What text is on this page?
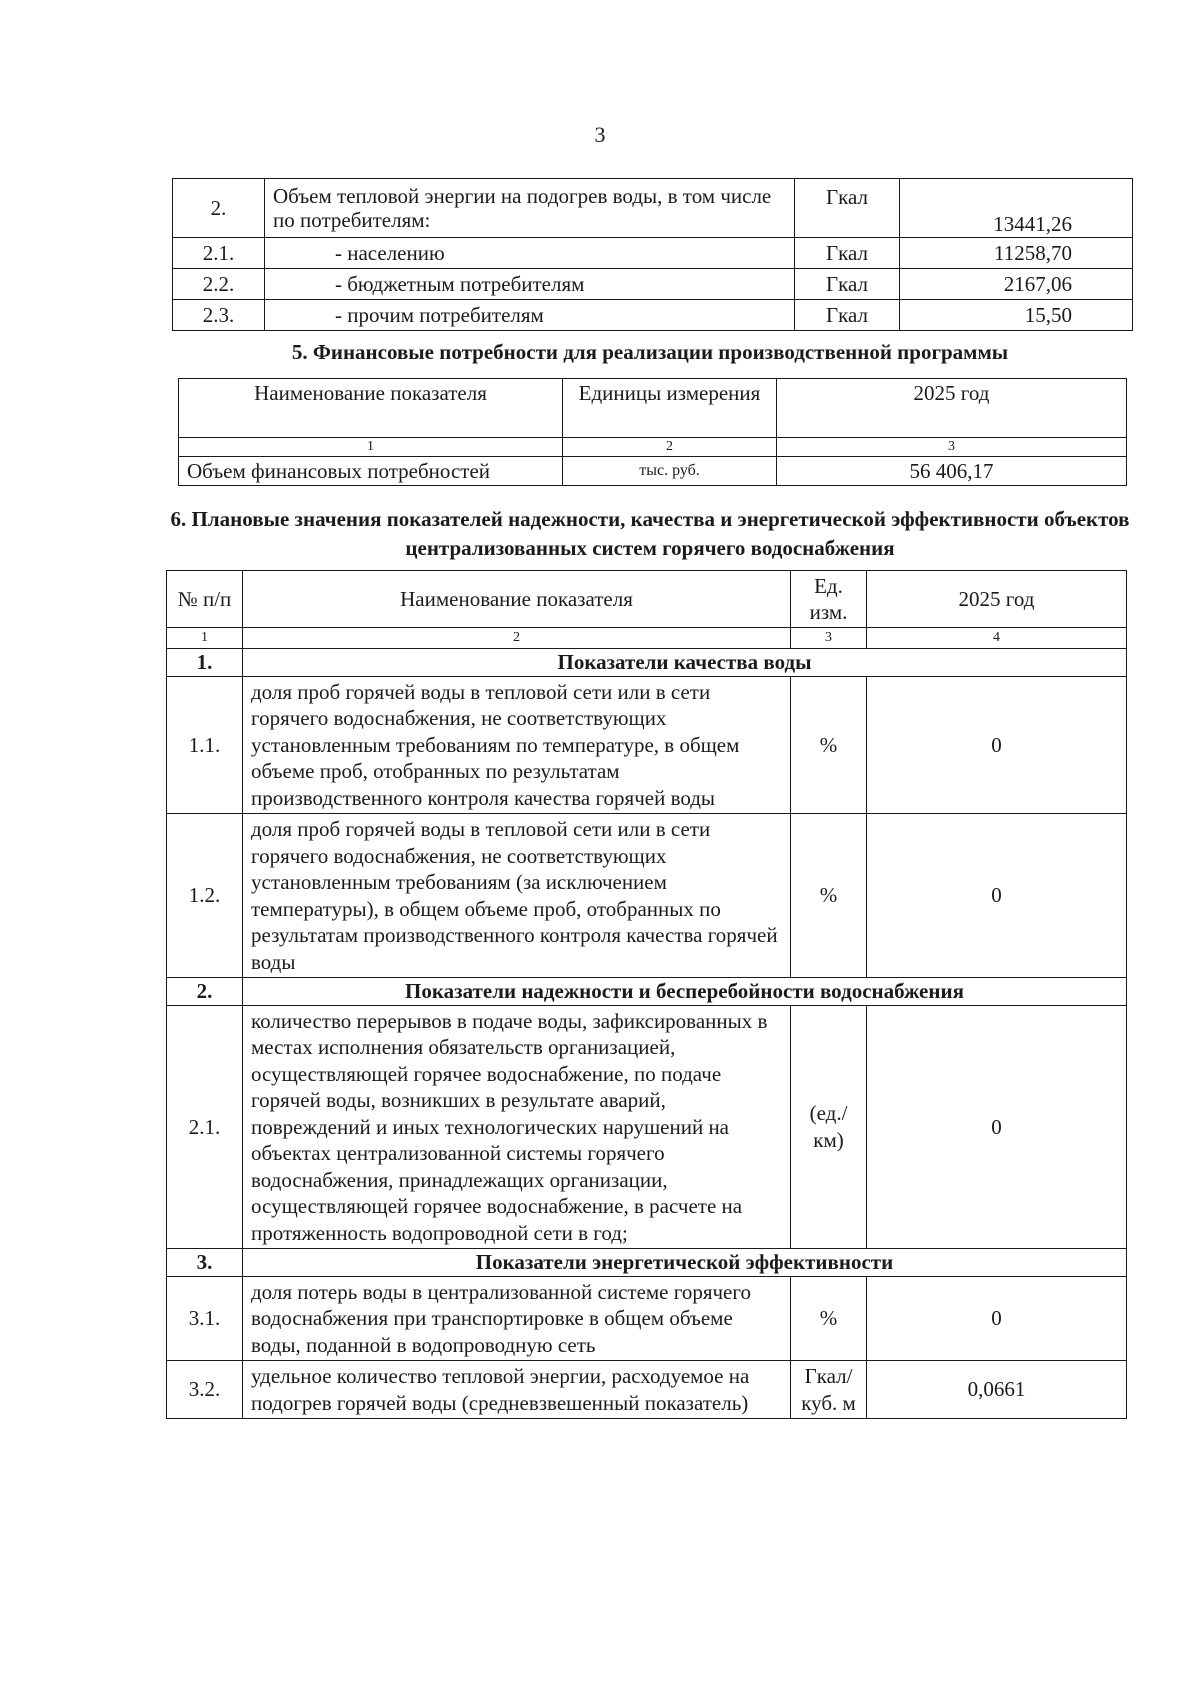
3
2.	Объем тепловой энергии на подогрев воды, в том числе по потребителям:	Гкал	13441,26
2.1.	- населению	Гкал	11258,70
2.2.	- бюджетным потребителям	Гкал	2167,06
2.3.	- прочим потребителям	Гкал	15,50
5. Финансовые потребности для реализации производственной программы
Наименование показателя	Единицы измерения	2025 год
1	2	3
Объем финансовых потребностей	тыс. руб.	56 406,17
6. Плановые значения показателей надежности, качества и энергетической эффективности объектов централизованных систем горячего водоснабжения
№ п/п	Наименование показателя	Ед. изм.	2025 год
1	2	3	4
1.	Показатели качества воды		
1.1.	доля проб горячей воды в тепловой сети или в сети горячего водоснабжения, не соответствующих установленным требованиям по температуре, в общем объеме проб, отобранных по результатам производственного контроля качества горячей воды	%	0
1.2.	доля проб горячей воды в тепловой сети или в сети горячего водоснабжения, не соответствующих установленным требованиям (за исключением температуры), в общем объеме проб, отобранных по результатам производственного контроля качества горячей воды	%	0
2.	Показатели надежности и бесперебойности водоснабжения		
2.1.	количество перерывов в подаче воды, зафиксированных в местах исполнения обязательств организацией, осуществляющей горячее водоснабжение, по подаче горячей воды, возникших в результате аварий, повреждений и иных технологических нарушений на объектах централизованной системы горячего водоснабжения, принадлежащих организации, осуществляющей горячее водоснабжение, в расчете на протяженность водопроводной сети в год;	(ед./ км)	0
3.	Показатели энергетической эффективности		
3.1.	доля потерь воды в централизованной системе горячего водоснабжения при транспортировке в общем объеме воды, поданной в водопроводную сеть	%	0
3.2.	удельное количество тепловой энергии, расходуемое на подогрев горячей воды (средневзвешенный показатель)	Гкал/ куб. м	0,0661
